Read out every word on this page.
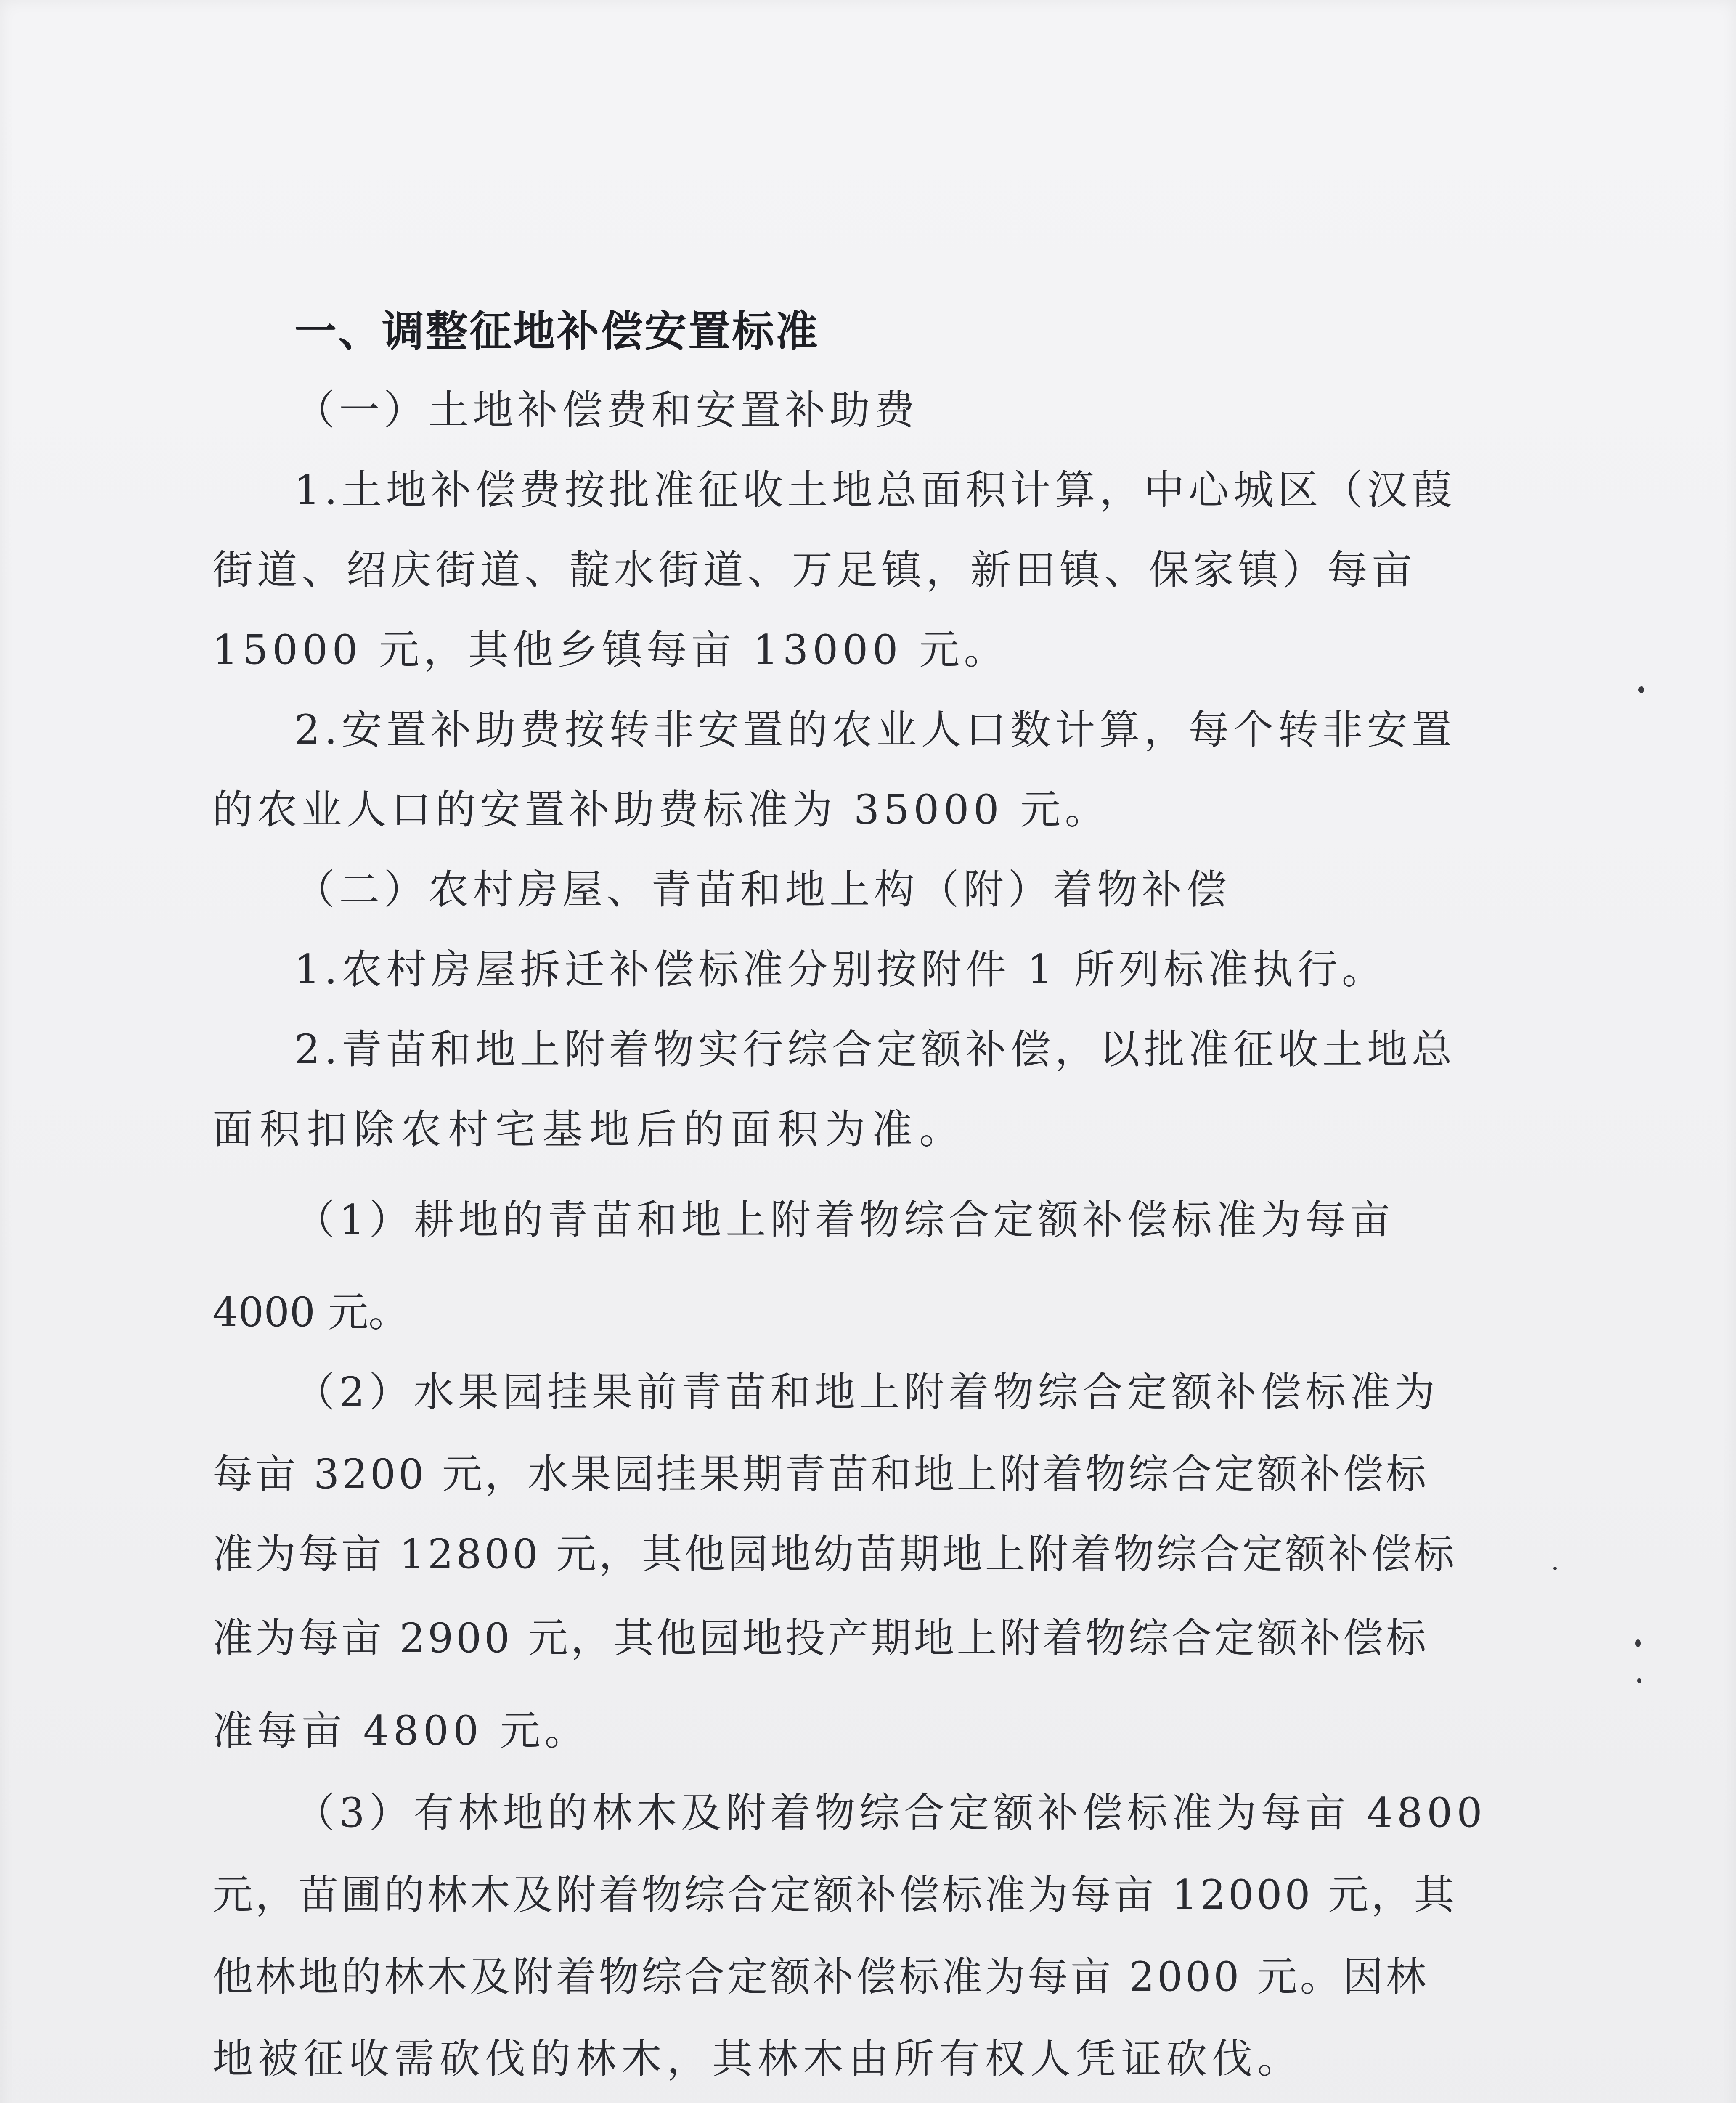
一、调整征地补偿安置标准
（一）土地补偿费和安置补助费
1.土地补偿费按批准征收土地总面积计算，中心城区（汉葭
街道、绍庆街道、靛水街道、万足镇，新田镇、保家镇）每亩
15000 元，其他乡镇每亩 13000 元。
2.安置补助费按转非安置的农业人口数计算，每个转非安置
的农业人口的安置补助费标准为 35000 元。
（二）农村房屋、青苗和地上构（附）着物补偿
1.农村房屋拆迁补偿标准分别按附件 1 所列标准执行。
2.青苗和地上附着物实行综合定额补偿，以批准征收土地总
面积扣除农村宅基地后的面积为准。
（1）耕地的青苗和地上附着物综合定额补偿标准为每亩
4000 元。
（2）水果园挂果前青苗和地上附着物综合定额补偿标准为
每亩 3200 元，水果园挂果期青苗和地上附着物综合定额补偿标
准为每亩 12800 元，其他园地幼苗期地上附着物综合定额补偿标
准为每亩 2900 元，其他园地投产期地上附着物综合定额补偿标
准每亩 4800 元。
（3）有林地的林木及附着物综合定额补偿标准为每亩 4800
元，苗圃的林木及附着物综合定额补偿标准为每亩 12000 元，其
他林地的林木及附着物综合定额补偿标准为每亩 2000 元。因林
地被征收需砍伐的林木，其林木由所有权人凭证砍伐。
